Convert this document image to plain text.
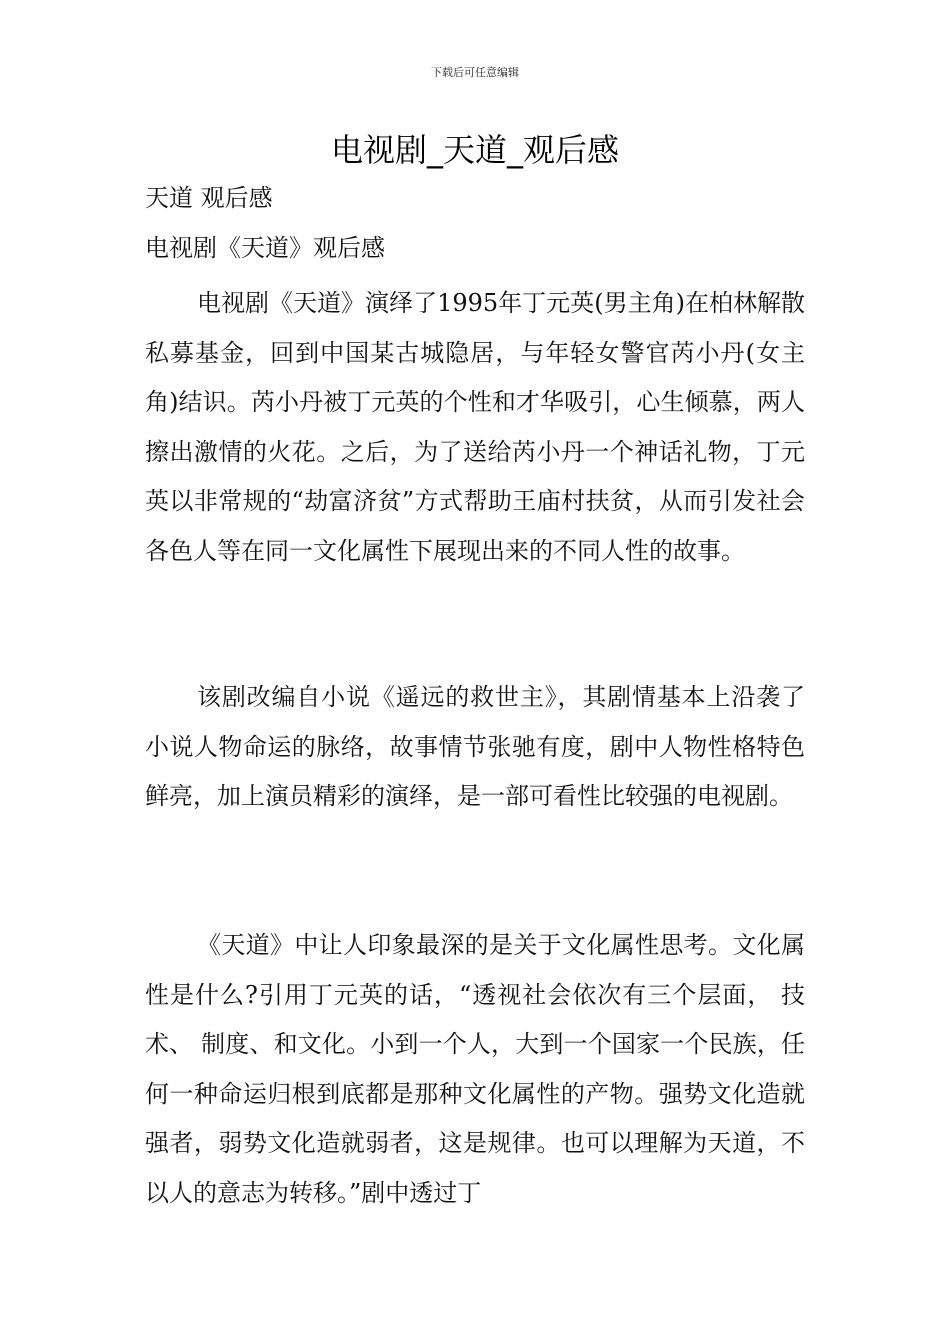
下载后可任意编辑
电视剧_天道_观后感
天道 观后感
电视剧《天道》观后感

电视剧《天道》演绎了1995年丁元英(男主角)在柏林解散私募基金，回到中国某古城隐居，与年轻女警官芮小丹(女主角)结识。芮小丹被丁元英的个性和才华吸引，心生倾慕，两人擦出激情的火花。之后，为了送给芮小丹一个神话礼物，丁元英以非常规的“劫富济贫”方式帮助王庙村扶贫，从而引发社会各色人等在同一文化属性下展现出来的不同人性的故事。

该剧改编自小说《遥远的救世主》，其剧情基本上沿袭了小说人物命运的脉络，故事情节张驰有度，剧中人物性格特色鲜亮，加上演员精彩的演绎，是一部可看性比较强的电视剧。

《天道》中让人印象最深的是关于文化属性思考。文化属性是什么?引用丁元英的话，“透视社会依次有三个层面， 技术、 制度、和文化。小到一个人，大到一个国家一个民族，任何一种命运归根到底都是那种文化属性的产物。强势文化造就强者，弱势文化造就弱者，这是规律。也可以理解为天道，不以人的意志为转移。”剧中透过丁
